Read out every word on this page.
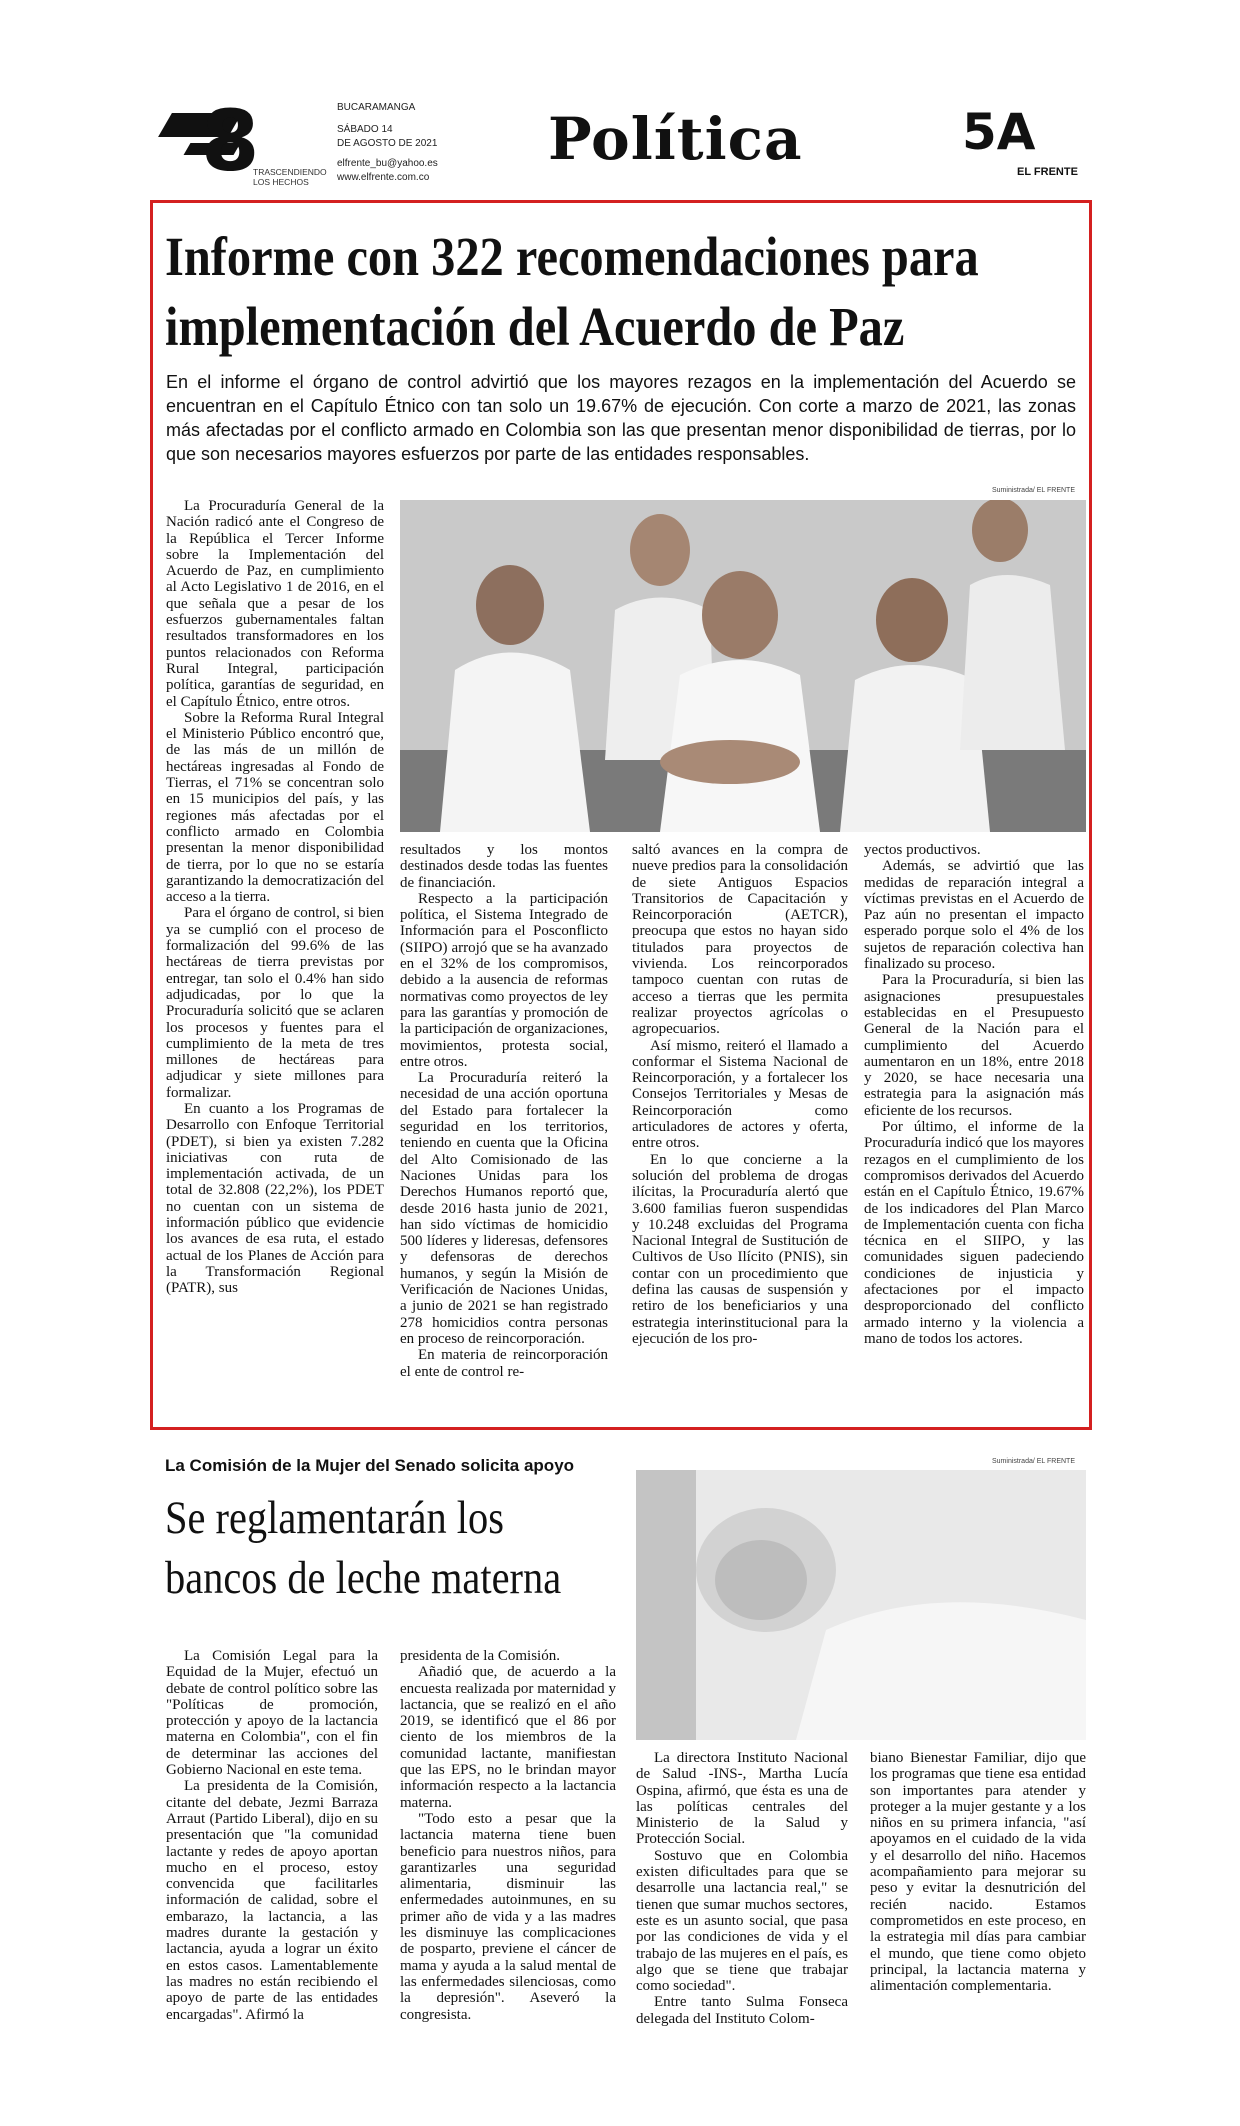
8
TRASCENDIENDO
LOS HECHOS
BUCARAMANGA
SÁBADO 14
DE AGOSTO DE 2021
elfrente_bu@yahoo.es
www.elfrente.com.co
Política	5A
EL FRENTE
Informe con 322 recomendaciones para
implementación del Acuerdo de Paz
En el informe el órgano de control advirtió que los mayores rezagos en la implementación del Acuerdo se encuentran en el Capítulo Étnico con tan solo un 19.67% de ejecución. Con corte a marzo de 2021, las zonas más afectadas por el conflicto armado en Colombia son las que presentan menor disponibilidad de tierras, por lo que son necesarios mayores esfuerzos por parte de las entidades responsables.
Suministrada/ EL FRENTE

La Procuraduría General de la Nación radicó ante el Congreso de la República el Tercer Informe sobre la Implementación del Acuerdo de Paz, en cumplimiento al Acto Legislativo 1 de 2016, en el que señala que a pesar de los esfuerzos gubernamentales faltan resultados transformadores en los puntos relacionados con Reforma Rural Integral, participación política, garantías de seguridad, en el Capítulo Étnico, entre otros.

Sobre la Reforma Rural Integral el Ministerio Público encontró que, de las más de un millón de hectáreas ingresadas al Fondo de Tierras, el 71% se concentran solo en 15 municipios del país, y las regiones más afectadas por el conflicto armado en Colombia presentan la menor disponibilidad de tierra, por lo que no se estaría garantizando la democratización del acceso a la tierra.

Para el órgano de control, si bien ya se cumplió con el proceso de formalización del 99.6% de las hectáreas de tierra previstas por entregar, tan solo el 0.4% han sido adjudicadas, por lo que la Procuraduría solicitó que se aclaren los procesos y fuentes para el cumplimiento de la meta de tres millones de hectáreas para adjudicar y siete millones para formalizar.

En cuanto a los Programas de Desarrollo con Enfoque Territorial (PDET), si bien ya existen 7.282 iniciativas con ruta de implementación activada, de un total de 32.808 (22,2%), los PDET no cuentan con un sistema de información público que evidencie los avances de esa ruta, el estado actual de los Planes de Acción para la Transformación Regional (PATR), sus

resultados y los montos destinados desde todas las fuentes de financiación.

Respecto a la participación política, el Sistema Integrado de Información para el Posconflicto (SIIPO) arrojó que se ha avanzado en el 32% de los compromisos, debido a la ausencia de reformas normativas como proyectos de ley para las garantías y promoción de la participación de organizaciones, movimientos, protesta social, entre otros.

La Procuraduría reiteró la necesidad de una acción oportuna del Estado para fortalecer la seguridad en los territorios, teniendo en cuenta que la Oficina del Alto Comisionado de las Naciones Unidas para los Derechos Humanos reportó que, desde 2016 hasta junio de 2021, han sido víctimas de homicidio 500 líderes y lideresas, defensores y defensoras de derechos humanos, y según la Misión de Verificación de Naciones Unidas, a junio de 2021 se han registrado 278 homicidios contra personas en proceso de reincorporación.

En materia de reincorporación el ente de control re-

saltó avances en la compra de nueve predios para la consolidación de siete Antiguos Espacios Transitorios de Capacitación y Reincorporación (AETCR), preocupa que estos no hayan sido titulados para proyectos de vivienda. Los reincorporados tampoco cuentan con rutas de acceso a tierras que les permita realizar proyectos agrícolas o agropecuarios.

Así mismo, reiteró el llamado a conformar el Sistema Nacional de Reincorporación, y a fortalecer los Consejos Territoriales y Mesas de Reincorporación como articuladores de actores y oferta, entre otros.

En lo que concierne a la solución del problema de drogas ilícitas, la Procuraduría alertó que 3.600 familias fueron suspendidas y 10.248 excluidas del Programa Nacional Integral de Sustitución de Cultivos de Uso Ilícito (PNIS), sin contar con un procedimiento que defina las causas de suspensión y retiro de los beneficiarios y una estrategia interinstitucional para la ejecución de los pro-

yectos productivos.

Además, se advirtió que las medidas de reparación integral a víctimas previstas en el Acuerdo de Paz aún no presentan el impacto esperado porque solo el 4% de los sujetos de reparación colectiva han finalizado su proceso.

Para la Procuraduría, si bien las asignaciones presupuestales establecidas en el Presupuesto General de la Nación para el cumplimiento del Acuerdo aumentaron en un 18%, entre 2018 y 2020, se hace necesaria una estrategia para la asignación más eficiente de los recursos.

Por último, el informe de la Procuraduría indicó que los mayores rezagos en el cumplimiento de los compromisos derivados del Acuerdo están en el Capítulo Étnico, 19.67% de los indicadores del Plan Marco de Implementación cuenta con ficha técnica en el SIIPO, y las comunidades siguen padeciendo condiciones de injusticia y afectaciones por el impacto desproporcionado del conflicto armado interno y la violencia a mano de todos los actores.

La Comisión de la Mujer del Senado solicita apoyo
Se reglamentarán los
bancos de leche materna
Suministrada/ EL FRENTE

La Comisión Legal para la Equidad de la Mujer, efectuó un debate de control político sobre las "Políticas de promoción, protección y apoyo de la lactancia materna en Colombia", con el fin de determinar las acciones del Gobierno Nacional en este tema.

La presidenta de la Comisión, citante del debate, Jezmi Barraza Arraut (Partido Liberal), dijo en su presentación que "la comunidad lactante y redes de apoyo aportan mucho en el proceso, estoy convencida que facilitarles información de calidad, sobre el embarazo, la lactancia, a las madres durante la gestación y lactancia, ayuda a lograr un éxito en estos casos. Lamentablemente las madres no están recibiendo el apoyo de parte de las entidades encargadas". Afirmó la

presidenta de la Comisión.

Añadió que, de acuerdo a la encuesta realizada por maternidad y lactancia, que se realizó en el año 2019, se identificó que el 86 por ciento de los miembros de la comunidad lactante, manifiestan que las EPS, no le brindan mayor información respecto a la lactancia materna.

"Todo esto a pesar que la lactancia materna tiene buen beneficio para nuestros niños, para garantizarles una seguridad alimentaria, disminuir las enfermedades autoinmunes, en su primer año de vida y a las madres les disminuye las complicaciones de posparto, previene el cáncer de mama y ayuda a la salud mental de las enfermedades silenciosas, como la depresión". Aseveró la congresista.

La directora Instituto Nacional de Salud -INS-, Martha Lucía Ospina, afirmó, que ésta es una de las políticas centrales del Ministerio de la Salud y Protección Social.

Sostuvo que en Colombia existen dificultades para que se desarrolle una lactancia real," se tienen que sumar muchos sectores, este es un asunto social, que pasa por las condiciones de vida y el trabajo de las mujeres en el país, es algo que se tiene que trabajar como sociedad".

Entre tanto Sulma Fonseca delegada del Instituto Colom-

biano Bienestar Familiar, dijo que los programas que tiene esa entidad son importantes para atender y proteger a la mujer gestante y a los niños en su primera infancia, "así apoyamos en el cuidado de la vida y el desarrollo del niño. Hacemos acompañamiento para mejorar su peso y evitar la desnutrición del recién nacido. Estamos comprometidos en este proceso, en la estrategia mil días para cambiar el mundo, que tiene como objeto principal, la lactancia materna y alimentación complementaria.
